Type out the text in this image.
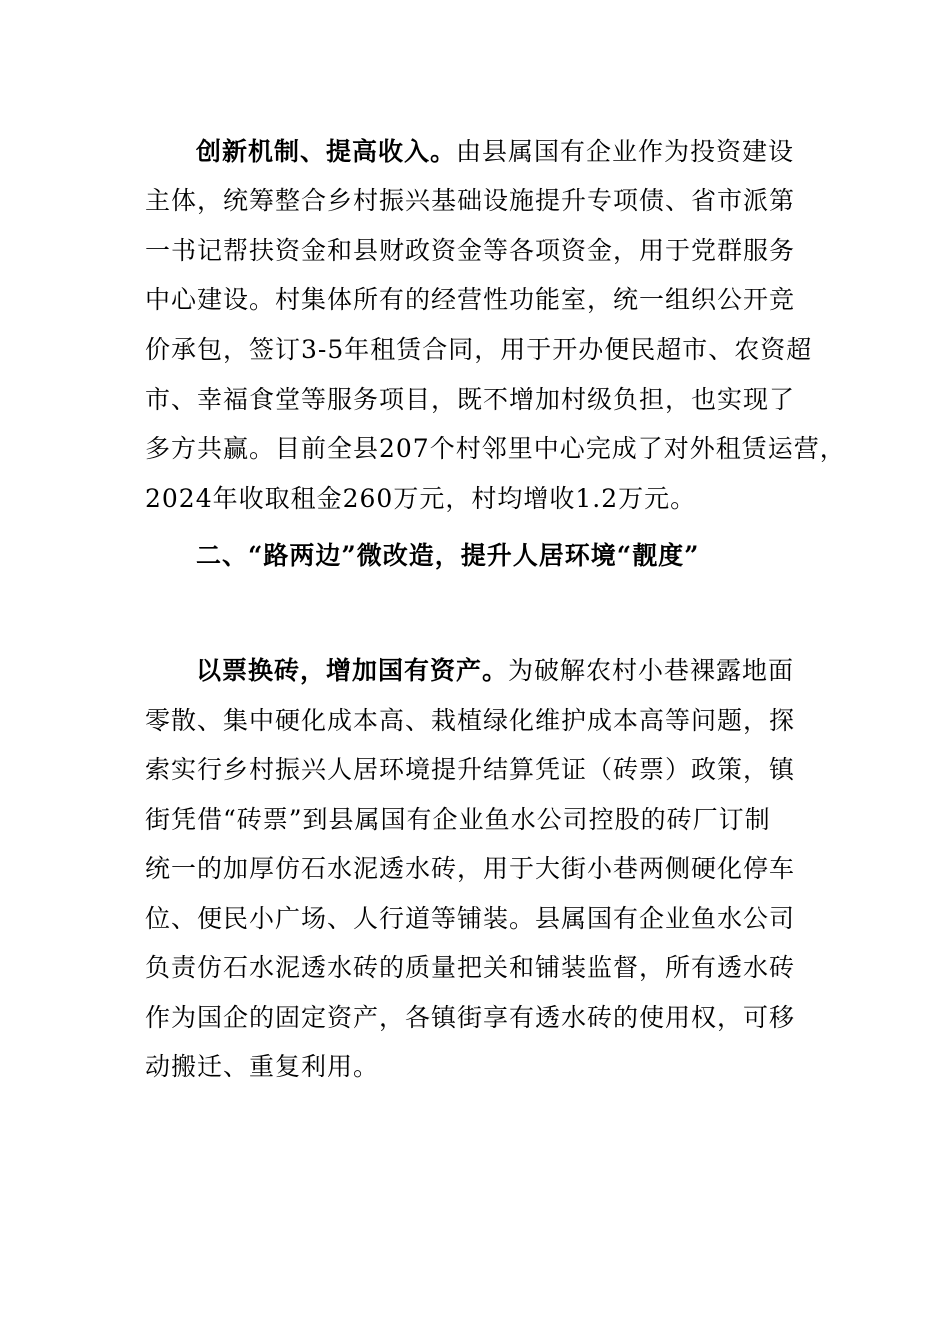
创新机制、提高收入。由县属国有企业作为投资建设
主体，统筹整合乡村振兴基础设施提升专项债、省市派第
一书记帮扶资金和县财政资金等各项资金，用于党群服务
中心建设。村集体所有的经营性功能室，统一组织公开竞
价承包，签订3-5年租赁合同，用于开办便民超市、农资超
市、幸福食堂等服务项目，既不增加村级负担，也实现了
多方共赢。目前全县207个村邻里中心完成了对外租赁运营，
2024年收取租金260万元，村均增收1.2万元。
二、“路两边”微改造，提升人居环境“靓度”
以票换砖，增加国有资产。为破解农村小巷裸露地面
零散、集中硬化成本高、栽植绿化维护成本高等问题，探
索实行乡村振兴人居环境提升结算凭证（砖票）政策，镇
街凭借“砖票”到县属国有企业鱼水公司控股的砖厂订制
统一的加厚仿石水泥透水砖，用于大街小巷两侧硬化停车
位、便民小广场、人行道等铺装。县属国有企业鱼水公司
负责仿石水泥透水砖的质量把关和铺装监督，所有透水砖
作为国企的固定资产，各镇街享有透水砖的使用权，可移
动搬迁、重复利用。
